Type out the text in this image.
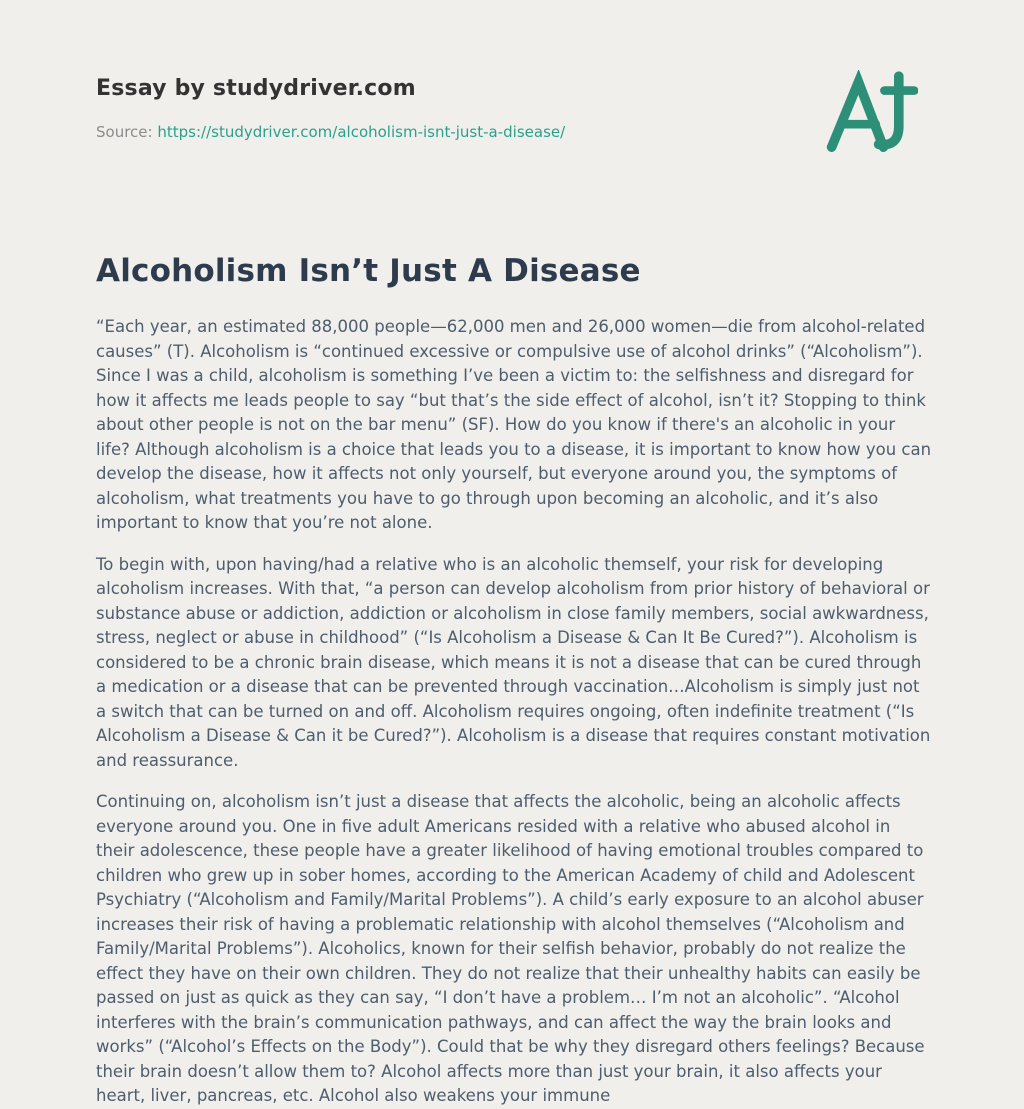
Essay by studydriver.com
Source: https://studydriver.com/alcoholism-isnt-just-a-disease/
Alcoholism Isn’t Just A Disease

“Each year, an estimated 88,000 people—62,000 men and 26,000 women—die from alcohol-related causes” (T). Alcoholism is “continued excessive or compulsive use of alcohol drinks” (“Alcoholism”). Since I was a child, alcoholism is something I’ve been a victim to: the selfishness and disregard for how it affects me leads people to say “but that’s the side effect of alcohol, isn’t it? Stopping to think about other people is not on the bar menu” (SF). How do you know if there's an alcoholic in your life? Although alcoholism is a choice that leads you to a disease, it is important to know how you can develop the disease, how it affects not only yourself, but everyone around you, the symptoms of alcoholism, what treatments you have to go through upon becoming an alcoholic, and it’s also important to know that you’re not alone.

To begin with, upon having/had a relative who is an alcoholic themself, your risk for developing alcoholism increases. With that, “a person can develop alcoholism from prior history of behavioral or substance abuse or addiction, addiction or alcoholism in close family members, social awkwardness, stress, neglect or abuse in childhood” (“Is Alcoholism a Disease & Can It Be Cured?”). Alcoholism is considered to be a chronic brain disease, which means it is not a disease that can be cured through a medication or a disease that can be prevented through vaccination…Alcoholism is simply just not a switch that can be turned on and off. Alcoholism requires ongoing, often indefinite treatment (“Is Alcoholism a Disease & Can it be Cured?”). Alcoholism is a disease that requires constant motivation and reassurance.

Continuing on, alcoholism isn’t just a disease that affects the alcoholic, being an alcoholic affects everyone around you. One in five adult Americans resided with a relative who abused alcohol in their adolescence, these people have a greater likelihood of having emotional troubles compared to children who grew up in sober homes, according to the American Academy of child and Adolescent Psychiatry (“Alcoholism and Family/Marital Problems”). A child’s early exposure to an alcohol abuser increases their risk of having a problematic relationship with alcohol themselves (“Alcoholism and Family/Marital Problems”). Alcoholics, known for their selfish behavior, probably do not realize the effect they have on their own children. They do not realize that their unhealthy habits can easily be passed on just as quick as they can say, “I don’t have a problem… I’m not an alcoholic”. “Alcohol interferes with the brain’s communication pathways, and can affect the way the brain looks and works” (“Alcohol’s Effects on the Body”). Could that be why they disregard others feelings? Because their brain doesn’t allow them to? Alcohol affects more than just your brain, it also affects your heart, liver, pancreas, etc. Alcohol also weakens your immune
